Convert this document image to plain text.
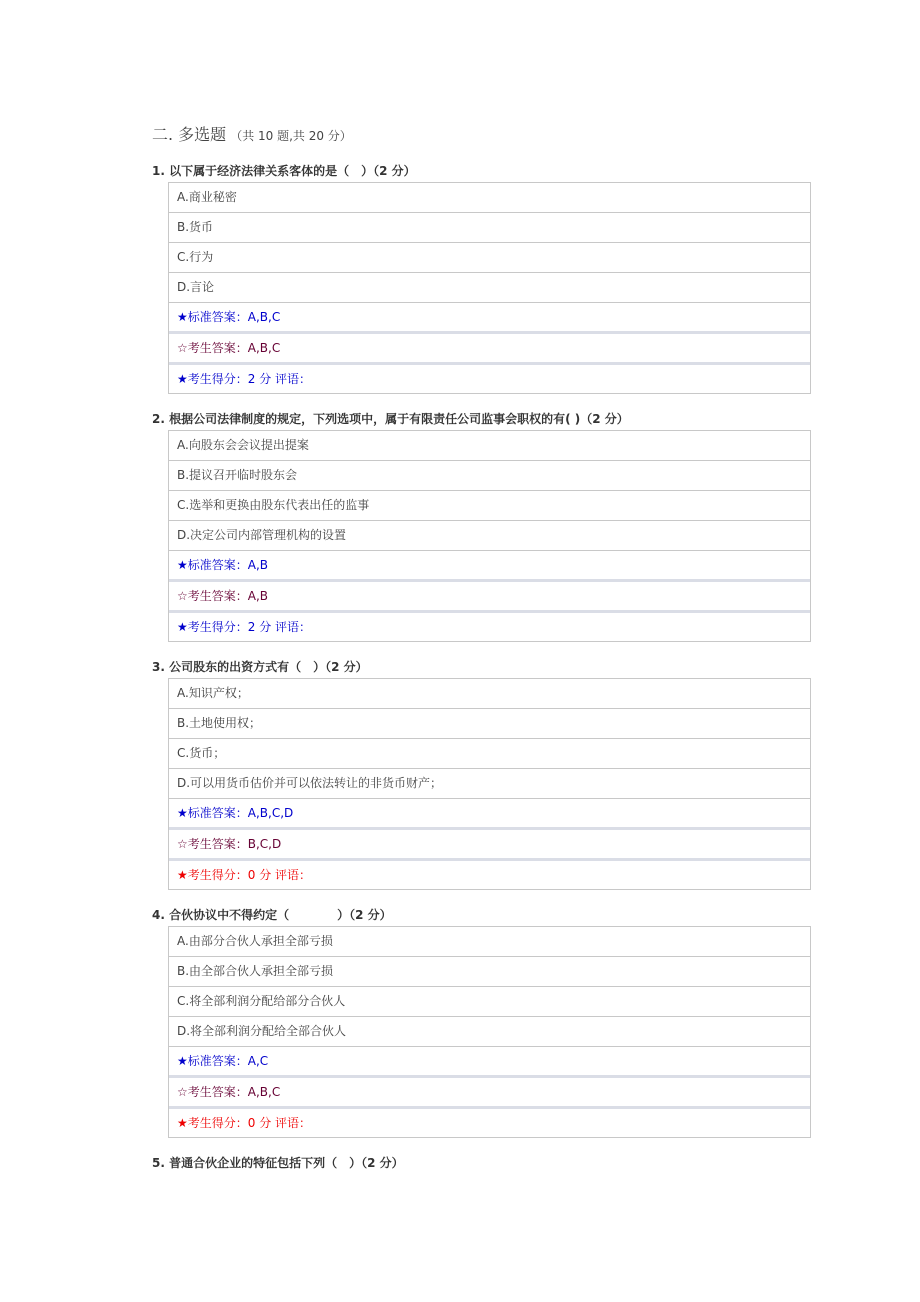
二. 多选题 （共 10 题,共 20 分）
1. 以下属于经济法律关系客体的是（　）（2 分）
A.商业秘密
B.货币
C.行为
D.言论
★标准答案：A,B,C
☆考生答案：A,B,C
★考生得分：2 分 评语：
2. 根据公司法律制度的规定，下列选项中，属于有限责任公司监事会职权的有( )（2 分）
A.向股东会会议提出提案
B.提议召开临时股东会
C.选举和更换由股东代表出任的监事
D.决定公司内部管理机构的设置
★标准答案：A,B
☆考生答案：A,B
★考生得分：2 分 评语：
3. 公司股东的出资方式有（　）（2 分）
A.知识产权；
B.土地使用权；
C.货币；
D.可以用货币估价并可以依法转让的非货币财产；
★标准答案：A,B,C,D
☆考生答案：B,C,D
★考生得分：0 分 评语：
4. 合伙协议中不得约定（　　　　）（2 分）
A.由部分合伙人承担全部亏损
B.由全部合伙人承担全部亏损
C.将全部利润分配给部分合伙人
D.将全部利润分配给全部合伙人
★标准答案：A,C
☆考生答案：A,B,C
★考生得分：0 分 评语：
5. 普通合伙企业的特征包括下列（　）（2 分）
